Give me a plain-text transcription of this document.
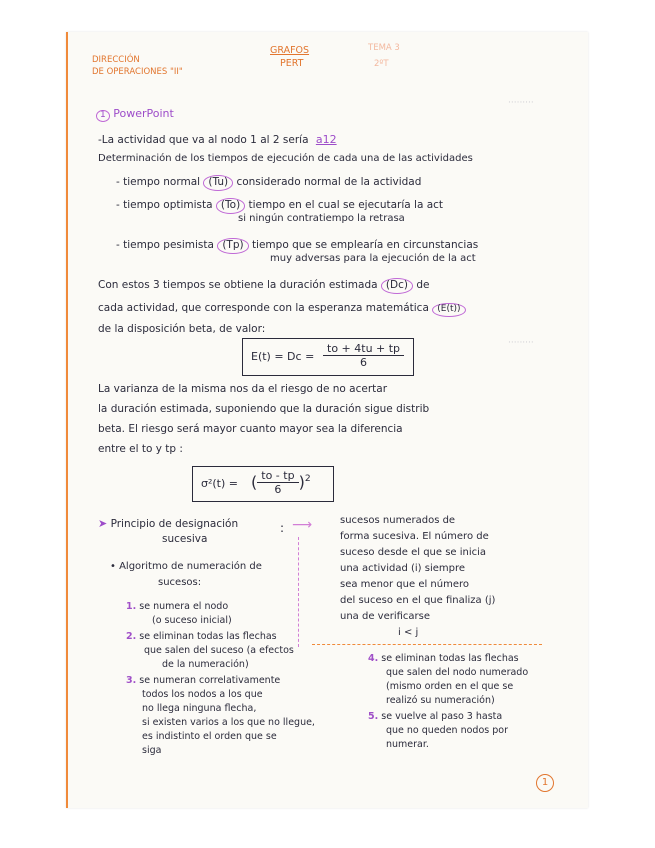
DIRECCIÓN
DE OPERACIONES "II"
GRAFOS
PERT
TEMA 3
2ºT
·········
·········
1 PowerPoint
-La actividad que va al nodo 1 al 2 sería a12
Determinación de los tiempos de ejecución de cada una de las actividades
- tiempo normal (Tu) considerado normal de la actividad
- tiempo optimista (To) tiempo en el cual se ejecutaría la act
si ningún contratiempo la retrasa
- tiempo pesimista (Tp) tiempo que se emplearía en circunstancias
muy adversas para la ejecución de la act
Con estos 3 tiempos se obtiene la duración estimada (Dc) de
cada actividad, que corresponde con la esperanza matemática (E(t))
de la disposición beta, de valor:
$E(t) = Dc = \frac{to + 4tu + tp}{6}$
La varianza de la misma nos da el riesgo de no acertar
la duración estimada, suponiendo que la duración sigue distrib
beta. El riesgo será mayor cuanto mayor sea la diferencia
entre el to y tp :
σ²(t) = ( $\frac{to - tp}{6} )^2$
➤ Principio de designación
sucesiva
: ⟶	sucesos numerados de
forma sucesiva. El número de
suceso desde el que se inicia
una actividad (i) siempre
sea menor que el número
del suceso en el que finaliza (j)
una de verificarse
i < j
• Algoritmo de numeración de
sucesos:
1. se numera el nodo
(o suceso inicial)
2. se eliminan todas las flechas
que salen del suceso (a efectos
de la numeración)
3. se numeran correlativamente
todos los nodos a los que
no llega ninguna flecha,
si existen varios a los que no llegue,
es indistinto el orden que se
siga
4. se eliminan todas las flechas
que salen del nodo numerado
(mismo orden en el que se
realizó su numeración)
5. se vuelve al paso 3 hasta
que no queden nodos por
numerar.
1
